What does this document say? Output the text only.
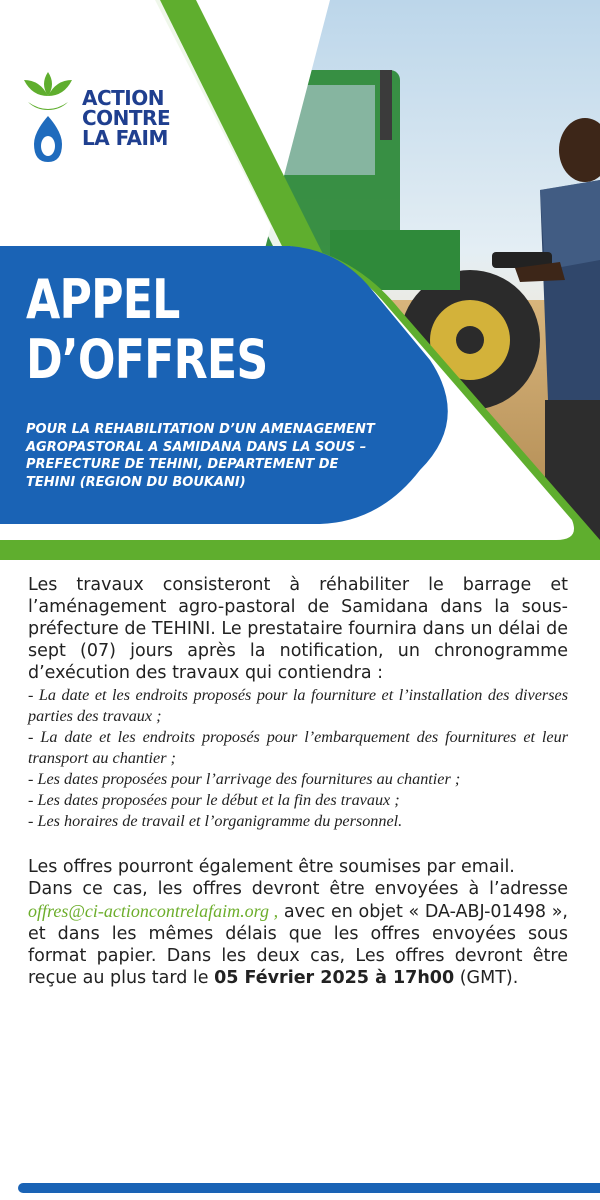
ACTION
CONTRE
LA FAIM
APPEL
D’OFFRES
POUR LA REHABILITATION D’UN AMENAGEMENT AGROPASTORAL A SAMIDANA DANS LA SOUS –PREFECTURE DE TEHINI, DEPARTEMENT DE TEHINI (REGION DU BOUKANI)
Les travaux consisteront à réhabiliter le barrage et l’aménagement agro-pastoral de Samidana dans la sous-préfecture de TEHINI. Le prestataire fournira dans un délai de sept (07) jours après la notification, un chronogramme d’exécution des travaux qui contiendra :
- La date et les endroits proposés pour la fourniture et l’installation des diverses parties des travaux ;
- La date et les endroits proposés pour l’embarquement des fournitures et leur transport au chantier ;
- Les dates proposées pour l’arrivage des fournitures au chantier ;
- Les dates proposées pour le début et la fin des travaux ;
- Les horaires de travail et l’organigramme du personnel.
Les offres pourront également être soumises par email.
Dans ce cas, les offres devront être envoyées à l’adresse offres@ci-actioncontrelafaim.org , avec en objet « DA-ABJ-01498 », et dans les mêmes délais que les offres envoyées sous format papier. Dans les deux cas, Les offres devront être reçue au plus tard le 05 Février 2025 à 17h00 (GMT).
